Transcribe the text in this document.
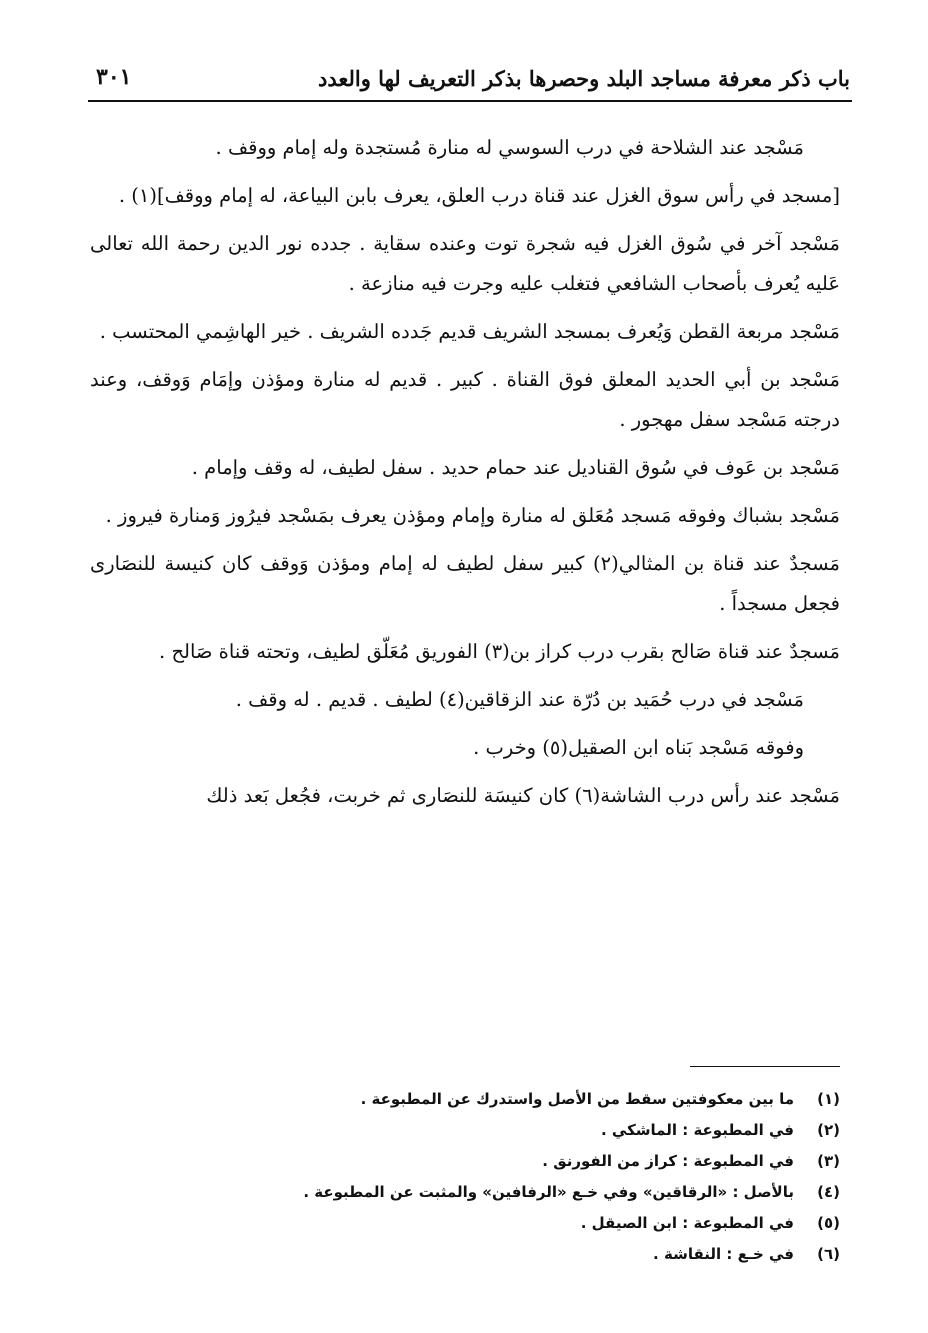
باب ذكر معرفة مساجد البلد وحصرها بذكر التعريف لها والعدد
٣٠١

مَسْجد عند الشلاحة في درب السوسي له منارة مُستجدة وله إمام ووقف .

[مسجد في رأس سوق الغزل عند قناة درب العلق، يعرف بابن البياعة، له إمام ووقف](١) .

مَسْجد آخر في سُوق الغزل فيه شجرة توت وعنده سقاية . جدده نور الدين رحمة الله تعالى عَليه يُعرف بأصحاب الشافعي فتغلب عليه وجرت فيه منازعة .

مَسْجد مربعة القطن وَيُعرف بمسجد الشريف قديم جَدده الشريف . خير الهاشِمي المحتسب .

مَسْجد بن أبي الحديد المعلق فوق القناة . كبير . قديم له منارة ومؤذن وإمَام وَوقف، وعند درجته مَسْجد سفل مهجور .

مَسْجد بن عَوف في سُوق القناديل عند حمام حديد . سفل لطيف، له وقف وإمام .

مَسْجد بشباك وفوقه مَسجد مُعَلق له منارة وإمام ومؤذن يعرف بمَسْجد فيرُوز وَمنارة فيروز .

مَسجدٌ عند قناة بن المثالي(٢) كبير سفل لطيف له إمام ومؤذن وَوقف كان كنيسة للنصَارى فجعل مسجداً .

مَسجدٌ عند قناة صَالح بقرب درب كراز بن(٣) الفوريق مُعَلّق لطيف، وتحته قناة صَالح .

مَسْجد في درب حُمَيد بن دُرّة عند الزقاقين(٤) لطيف . قديم . له وقف .

وفوقه مَسْجد بَناه ابن الصقيل(٥) وخرب .

مَسْجد عند رأس درب الشاشة(٦) كان كنيسَة للنصَارى ثم خربت، فجُعل بَعد ذلك

(١)
ما بين معكوفتين سقط من الأصل واستدرك عن المطبوعة .
(٢)
في المطبوعة : الماشكي .
(٣)
في المطبوعة : كراز من الفورنق .
(٤)
بالأصل : «الرقاقين» وفي خـع «الرفافين» والمثبت عن المطبوعة .
(٥)
في المطبوعة : ابن الصيقل .
(٦)
في خـع : النقاشة .
